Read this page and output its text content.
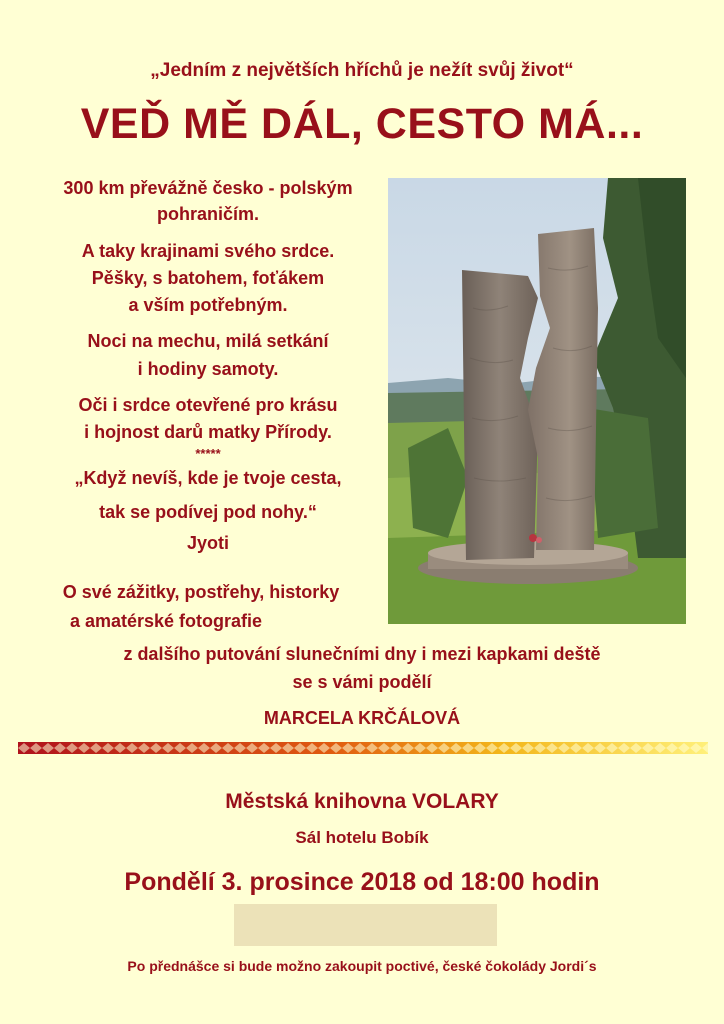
„Jedním z největších hříchů je nežít svůj život“
VEĎ MĚ DÁL, CESTO MÁ...
300 km převážně česko - polským
pohraničím.
A taky krajinami svého srdce.
Pěšky, s batohem, foťákem
a vším potřebným.
Noci na mechu, milá setkání
i hodiny samoty.
Oči i srdce otevřené pro krásu
i hojnost darů matky Přírody.
*****
„Když nevíš, kde je tvoje cesta,
tak se podívej pod nohy.“
Jyoti
O své zážitky, postřehy, historky
a amatérské fotografie
z dalšího putování slunečními dny i mezi kapkami deště
se s vámi podělí
MARCELA KRČÁLOVÁ
Městská knihovna VOLARY
Sál hotelu Bobík
Pondělí 3. prosince 2018 od 18:00 hodin
Po přednášce si bude možno zakoupit poctivé, české čokolády Jordi´s
